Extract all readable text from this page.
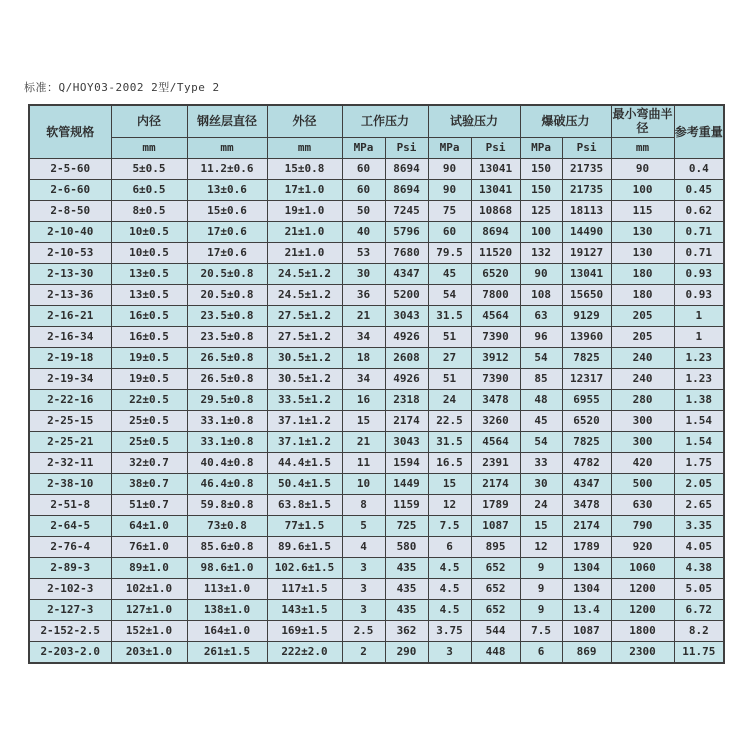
标准：Q/HOY03-2002 2型/Type 2
软管规格	内径	钢丝层直径	外径	工作压力		试验压力		爆破压力		最小弯曲半径	参考重量
	mm	mm	mm	MPa	Psi	MPa	Psi	MPa	Psi	mm	
2-5-60	5±0.5	11.2±0.6	15±0.8	60	8694	90	13041	150	21735	90	0.4
2-6-60	6±0.5	13±0.6	17±1.0	60	8694	90	13041	150	21735	100	0.45
2-8-50	8±0.5	15±0.6	19±1.0	50	7245	75	10868	125	18113	115	0.62
2-10-40	10±0.5	17±0.6	21±1.0	40	5796	60	8694	100	14490	130	0.71
2-10-53	10±0.5	17±0.6	21±1.0	53	7680	79.5	11520	132	19127	130	0.71
2-13-30	13±0.5	20.5±0.8	24.5±1.2	30	4347	45	6520	90	13041	180	0.93
2-13-36	13±0.5	20.5±0.8	24.5±1.2	36	5200	54	7800	108	15650	180	0.93
2-16-21	16±0.5	23.5±0.8	27.5±1.2	21	3043	31.5	4564	63	9129	205	1
2-16-34	16±0.5	23.5±0.8	27.5±1.2	34	4926	51	7390	96	13960	205	1
2-19-18	19±0.5	26.5±0.8	30.5±1.2	18	2608	27	3912	54	7825	240	1.23
2-19-34	19±0.5	26.5±0.8	30.5±1.2	34	4926	51	7390	85	12317	240	1.23
2-22-16	22±0.5	29.5±0.8	33.5±1.2	16	2318	24	3478	48	6955	280	1.38
2-25-15	25±0.5	33.1±0.8	37.1±1.2	15	2174	22.5	3260	45	6520	300	1.54
2-25-21	25±0.5	33.1±0.8	37.1±1.2	21	3043	31.5	4564	54	7825	300	1.54
2-32-11	32±0.7	40.4±0.8	44.4±1.5	11	1594	16.5	2391	33	4782	420	1.75
2-38-10	38±0.7	46.4±0.8	50.4±1.5	10	1449	15	2174	30	4347	500	2.05
2-51-8	51±0.7	59.8±0.8	63.8±1.5	8	1159	12	1789	24	3478	630	2.65
2-64-5	64±1.0	73±0.8	77±1.5	5	725	7.5	1087	15	2174	790	3.35
2-76-4	76±1.0	85.6±0.8	89.6±1.5	4	580	6	895	12	1789	920	4.05
2-89-3	89±1.0	98.6±1.0	102.6±1.5	3	435	4.5	652	9	1304	1060	4.38
2-102-3	102±1.0	113±1.0	117±1.5	3	435	4.5	652	9	1304	1200	5.05
2-127-3	127±1.0	138±1.0	143±1.5	3	435	4.5	652	9	13.4	1200	6.72
2-152-2.5	152±1.0	164±1.0	169±1.5	2.5	362	3.75	544	7.5	1087	1800	8.2
2-203-2.0	203±1.0	261±1.5	222±2.0	2	290	3	448	6	869	2300	11.75
